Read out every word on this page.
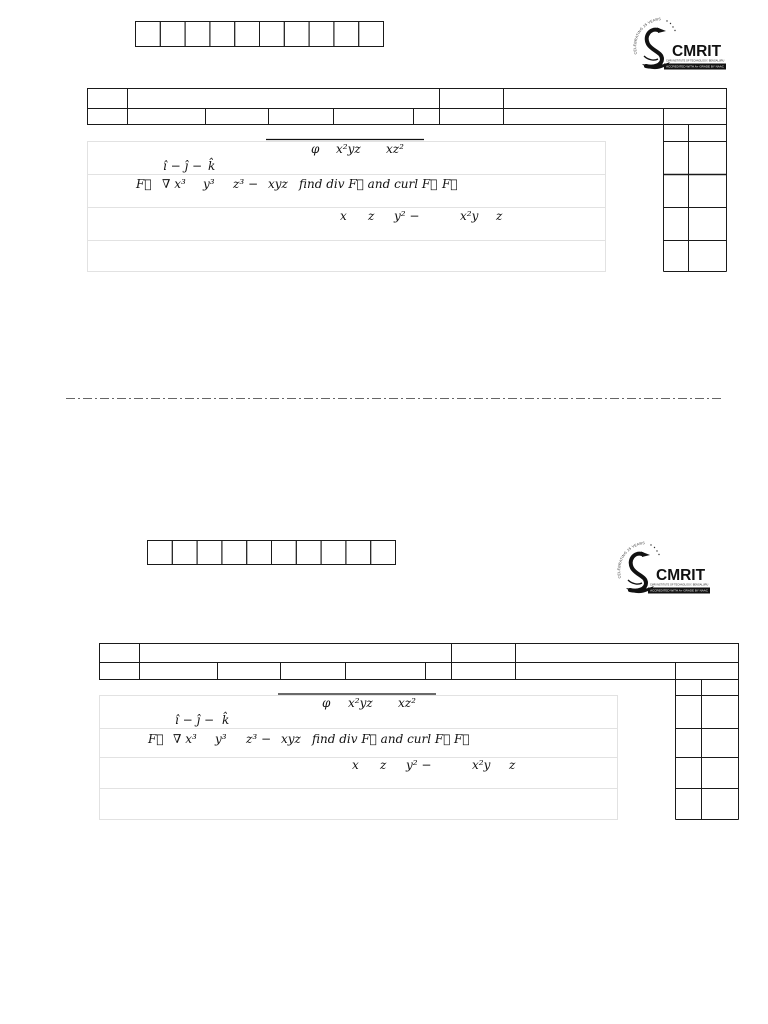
CELEBRATING 25 YEARS
CMRIT
CMR INSTITUTE OF TECHNOLOGY, BENGALURU
ACCREDITED WITH A+ GRADE BY NAAC
φ x²yz xz²
î − ĵ − k̂
F⃗ ∇ x³ y³ z³ − xyz find div F⃗ and curl F⃗ F⃗
x z y² −	x²y z
CELEBRATING 25 YEARS
CMRIT
CMR INSTITUTE OF TECHNOLOGY, BENGALURU
ACCREDITED WITH A+ GRADE BY NAAC
φ x²yz xz²
î − ĵ − k̂
F⃗ ∇ x³ y³ z³ − xyz find div F⃗ and curl F⃗ F⃗
x z y² −	x²y z
